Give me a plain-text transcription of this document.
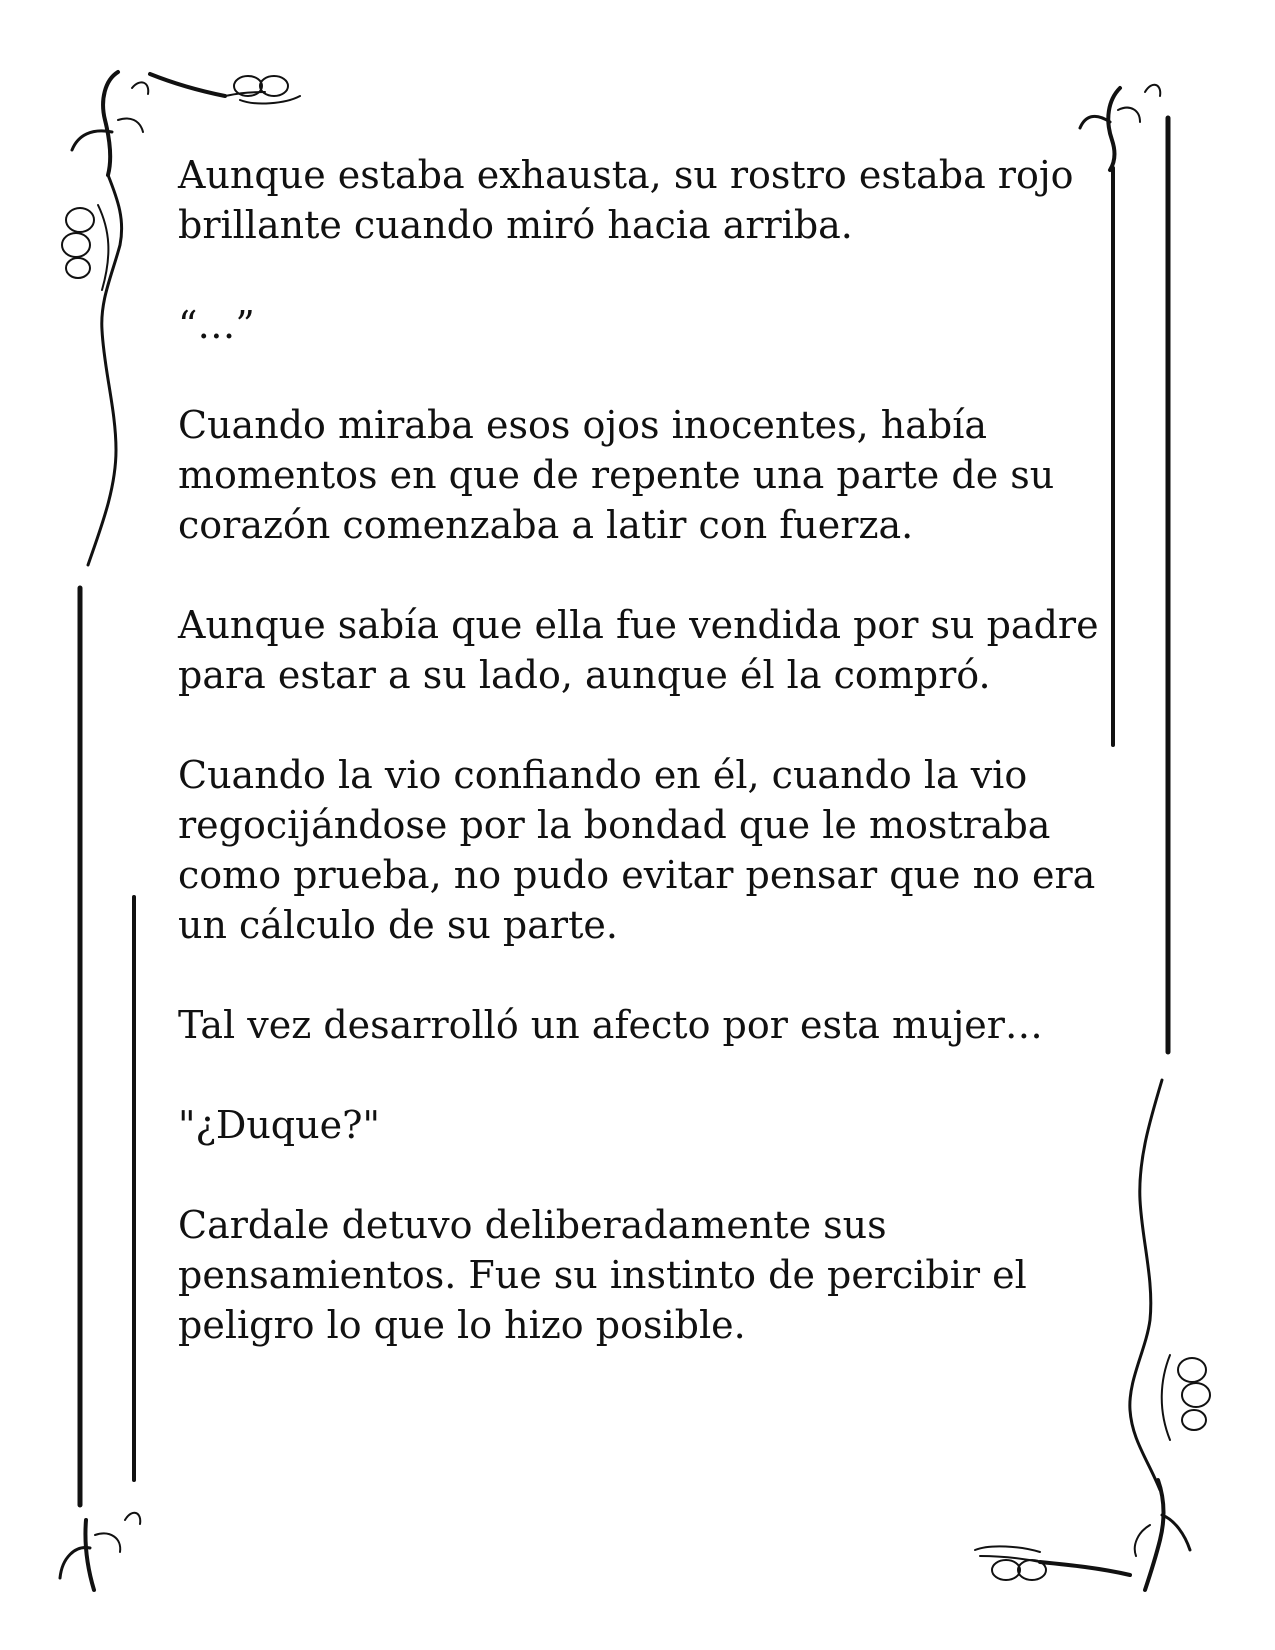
Aunque estaba exhausta, su rostro estaba rojo
brillante cuando miró hacia arriba.

“…”

Cuando miraba esos ojos inocentes, había
momentos en que de repente una parte de su
corazón comenzaba a latir con fuerza.

Aunque sabía que ella fue vendida por su padre
para estar a su lado, aunque él la compró.

Cuando la vio confiando en él, cuando la vio
regocijándose por la bondad que le mostraba
como prueba, no pudo evitar pensar que no era
un cálculo de su parte.

Tal vez desarrolló un afecto por esta mujer…

"¿Duque?"

Cardale detuvo deliberadamente sus
pensamientos. Fue su instinto de percibir el
peligro lo que lo hizo posible.
